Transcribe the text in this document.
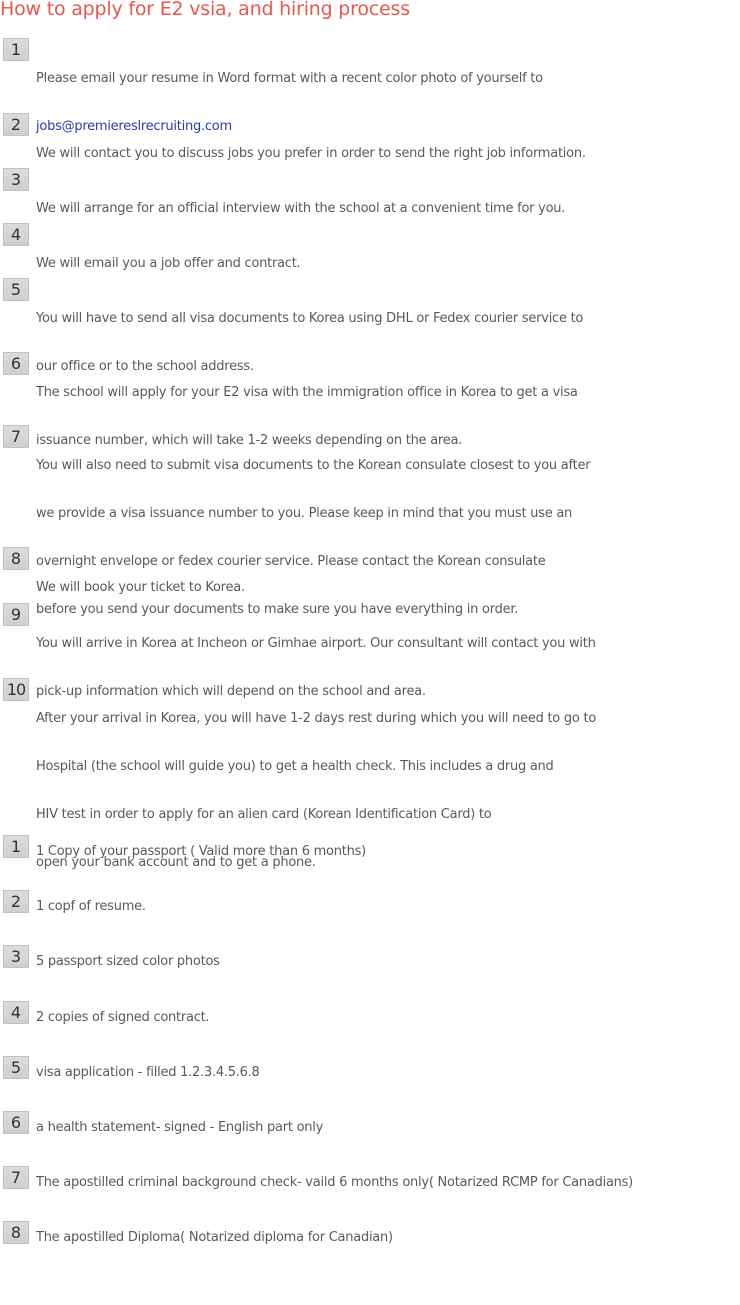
How to apply for E2 vsia, and hiring process
1

Please email your resume in Word format with a recent color photo of yourself to

jobs@premiereslrecruiting.com

2

We will contact you to discuss jobs you prefer in order to send the right job information.

3

We will arrange for an official interview with the school at a convenient time for you.

4

We will email you a job offer and contract.

5

You will have to send all visa documents to Korea using DHL or Fedex courier service to

our office or to the school address.

6

The school will apply for your E2 visa with the immigration office in Korea to get a visa

issuance number, which will take 1-2 weeks depending on the area.

7

You will also need to submit visa documents to the Korean consulate closest to you after

we provide a visa issuance number to you. Please keep in mind that you must use an

overnight envelope or fedex courier service. Please contact the Korean consulate

before you send your documents to make sure you have everything in order.

8

We will book your ticket to Korea.

9

You will arrive in Korea at Incheon or Gimhae airport. Our consultant will contact you with

pick-up information which will depend on the school and area.

10

After your arrival in Korea, you will have 1-2 days rest during which you will need to go to

Hospital (the school will guide you) to get a health check. This includes a drug and

HIV test in order to apply for an alien card (Korean Identification Card) to

open your bank account and to get a phone.

1	1 Copy of your passport ( Valid more than 6 months)
2	1 copf of resume.
3	5 passport sized color photos
4	2 copies of signed contract.
5	visa application - filled 1.2.3.4.5.6.8
6	a health statement- signed - English part only
7	The apostilled criminal background check- vaild 6 months only( Notarized RCMP for Canadians)
8	The apostilled Diploma( Notarized diploma for Canadian)
